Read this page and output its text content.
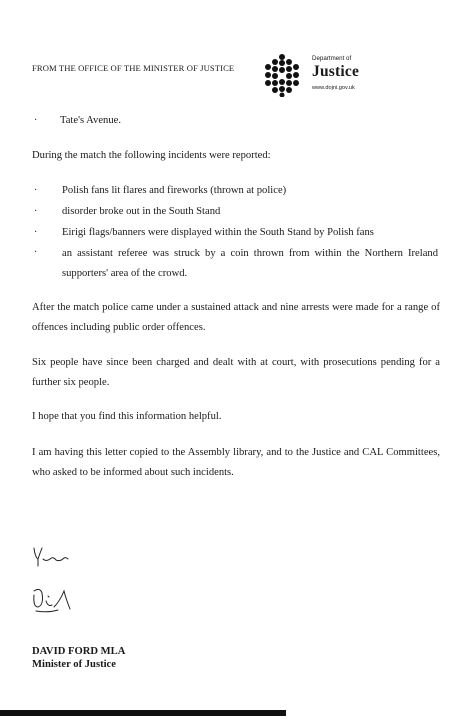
FROM THE OFFICE OF THE MINISTER OF JUSTICE
Department of
Justice
www.dojni.gov.uk
· Tate's Avenue.
During the match the following incidents were reported:
· Polish fans lit flares and fireworks (thrown at police)
· disorder broke out in the South Stand
· Eirigi flags/banners were displayed within the South Stand by Polish fans
· an assistant referee was struck by a coin thrown from within the Northern Ireland supporters' area of the crowd.
After the match police came under a sustained attack and nine arrests were made for a range of offences including public order offences.
Six people have since been charged and dealt with at court, with prosecutions pending for a further six people.
I hope that you find this information helpful.
I am having this letter copied to the Assembly library, and to the Justice and CAL Committees, who asked to be informed about such incidents.
DAVID FORD MLA
Minister of Justice
